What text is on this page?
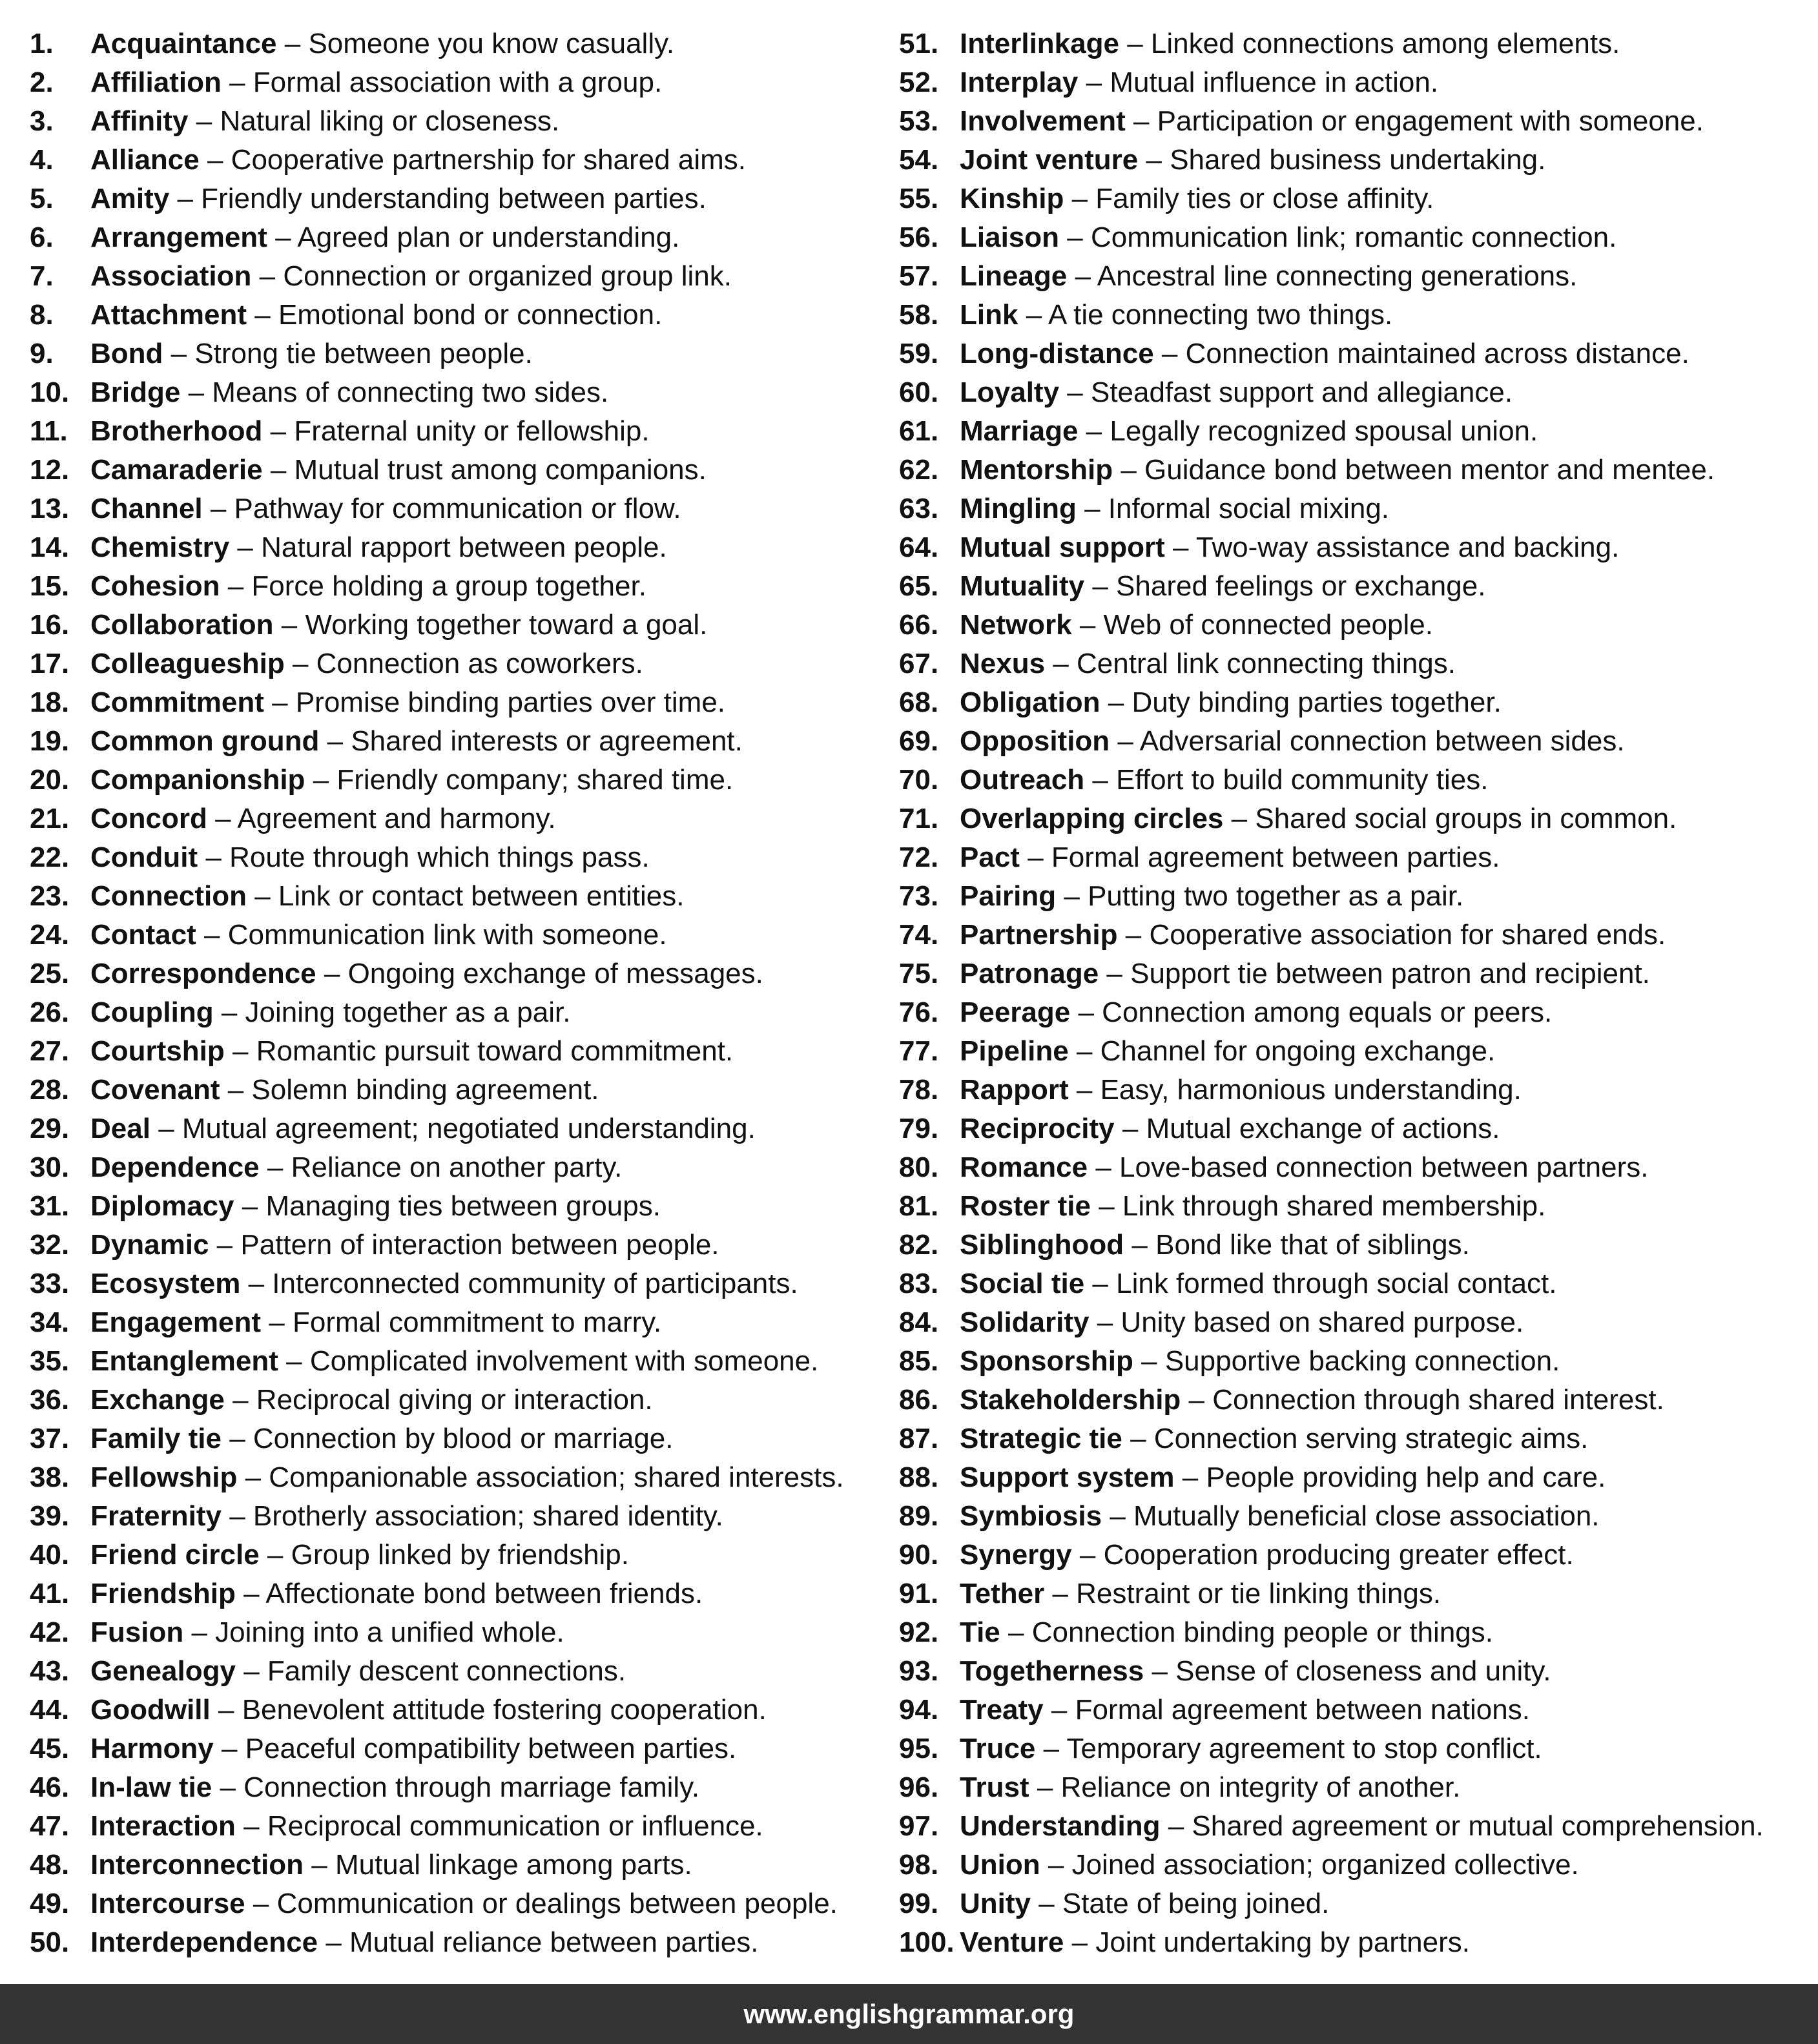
1. Acquaintance – Someone you know casually.
2. Affiliation – Formal association with a group.
3. Affinity – Natural liking or closeness.
4. Alliance – Cooperative partnership for shared aims.
5. Amity – Friendly understanding between parties.
6. Arrangement – Agreed plan or understanding.
7. Association – Connection or organized group link.
8. Attachment – Emotional bond or connection.
9. Bond – Strong tie between people.
10. Bridge – Means of connecting two sides.
11. Brotherhood – Fraternal unity or fellowship.
12. Camaraderie – Mutual trust among companions.
13. Channel – Pathway for communication or flow.
14. Chemistry – Natural rapport between people.
15. Cohesion – Force holding a group together.
16. Collaboration – Working together toward a goal.
17. Colleagueship – Connection as coworkers.
18. Commitment – Promise binding parties over time.
19. Common ground – Shared interests or agreement.
20. Companionship – Friendly company; shared time.
21. Concord – Agreement and harmony.
22. Conduit – Route through which things pass.
23. Connection – Link or contact between entities.
24. Contact – Communication link with someone.
25. Correspondence – Ongoing exchange of messages.
26. Coupling – Joining together as a pair.
27. Courtship – Romantic pursuit toward commitment.
28. Covenant – Solemn binding agreement.
29. Deal – Mutual agreement; negotiated understanding.
30. Dependence – Reliance on another party.
31. Diplomacy – Managing ties between groups.
32. Dynamic – Pattern of interaction between people.
33. Ecosystem – Interconnected community of participants.
34. Engagement – Formal commitment to marry.
35. Entanglement – Complicated involvement with someone.
36. Exchange – Reciprocal giving or interaction.
37. Family tie – Connection by blood or marriage.
38. Fellowship – Companionable association; shared interests.
39. Fraternity – Brotherly association; shared identity.
40. Friend circle – Group linked by friendship.
41. Friendship – Affectionate bond between friends.
42. Fusion – Joining into a unified whole.
43. Genealogy – Family descent connections.
44. Goodwill – Benevolent attitude fostering cooperation.
45. Harmony – Peaceful compatibility between parties.
46. In-law tie – Connection through marriage family.
47. Interaction – Reciprocal communication or influence.
48. Interconnection – Mutual linkage among parts.
49. Intercourse – Communication or dealings between people.
50. Interdependence – Mutual reliance between parties.
51. Interlinkage – Linked connections among elements.
52. Interplay – Mutual influence in action.
53. Involvement – Participation or engagement with someone.
54. Joint venture – Shared business undertaking.
55. Kinship – Family ties or close affinity.
56. Liaison – Communication link; romantic connection.
57. Lineage – Ancestral line connecting generations.
58. Link – A tie connecting two things.
59. Long-distance – Connection maintained across distance.
60. Loyalty – Steadfast support and allegiance.
61. Marriage – Legally recognized spousal union.
62. Mentorship – Guidance bond between mentor and mentee.
63. Mingling – Informal social mixing.
64. Mutual support – Two-way assistance and backing.
65. Mutuality – Shared feelings or exchange.
66. Network – Web of connected people.
67. Nexus – Central link connecting things.
68. Obligation – Duty binding parties together.
69. Opposition – Adversarial connection between sides.
70. Outreach – Effort to build community ties.
71. Overlapping circles – Shared social groups in common.
72. Pact – Formal agreement between parties.
73. Pairing – Putting two together as a pair.
74. Partnership – Cooperative association for shared ends.
75. Patronage – Support tie between patron and recipient.
76. Peerage – Connection among equals or peers.
77. Pipeline – Channel for ongoing exchange.
78. Rapport – Easy, harmonious understanding.
79. Reciprocity – Mutual exchange of actions.
80. Romance – Love-based connection between partners.
81. Roster tie – Link through shared membership.
82. Siblinghood – Bond like that of siblings.
83. Social tie – Link formed through social contact.
84. Solidarity – Unity based on shared purpose.
85. Sponsorship – Supportive backing connection.
86. Stakeholdership – Connection through shared interest.
87. Strategic tie – Connection serving strategic aims.
88. Support system – People providing help and care.
89. Symbiosis – Mutually beneficial close association.
90. Synergy – Cooperation producing greater effect.
91. Tether – Restraint or tie linking things.
92. Tie – Connection binding people or things.
93. Togetherness – Sense of closeness and unity.
94. Treaty – Formal agreement between nations.
95. Truce – Temporary agreement to stop conflict.
96. Trust – Reliance on integrity of another.
97. Understanding – Shared agreement or mutual comprehension.
98. Union – Joined association; organized collective.
99. Unity – State of being joined.
100. Venture – Joint undertaking by partners.
www.englishgrammar.org
